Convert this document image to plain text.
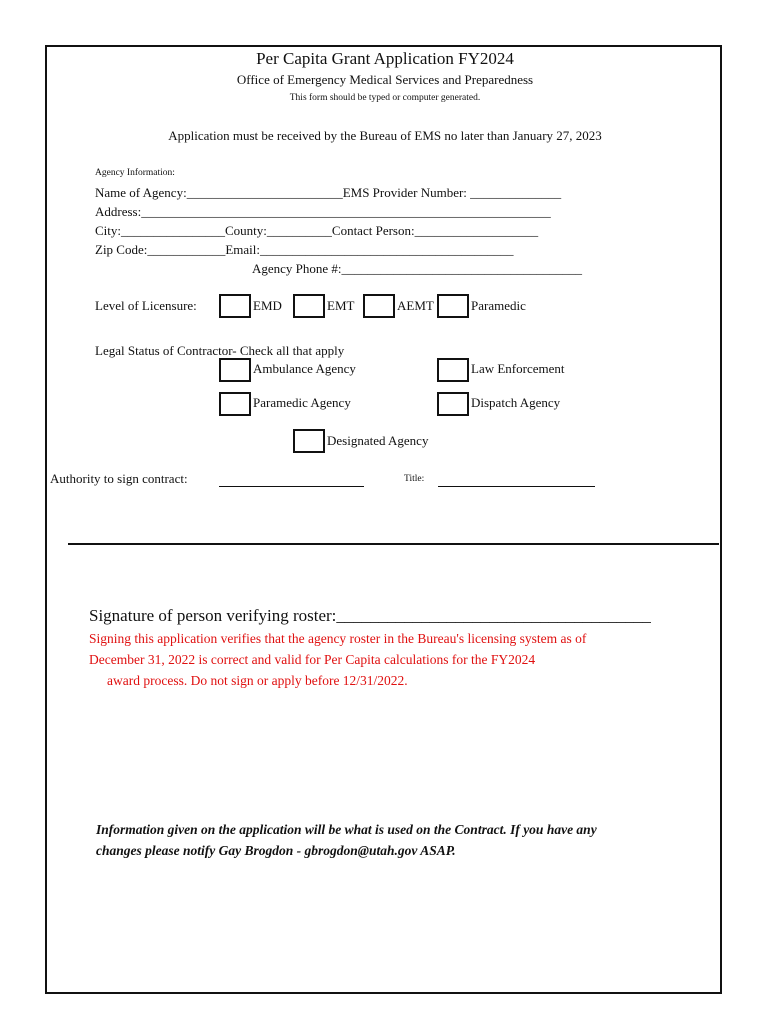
Per Capita Grant Application FY2024
Office of Emergency Medical Services and Preparedness
This form should be typed or computer generated.
Application must be received by the Bureau of EMS no later than January 27, 2023
Agency Information:
Name of Agency:________________________EMS Provider Number: ______________
Address:_______________________________________________________________
City:________________County:__________Contact Person:___________________
Zip Code:____________Email:_______________________________________
Agency Phone #:_____________________________________
Level of Licensure:	EMD	EMT	AEMT	Paramedic
Legal Status of Contractor- Check all that apply
Ambulance Agency	Law Enforcement
Paramedic Agency	Dispatch Agency
Designated Agency
Authority to sign contract:	Title:
Signature of person verifying roster:_____________________________________
Signing this application verifies that the agency roster in the Bureau's licensing system as of
December 31, 2022 is correct and valid for Per Capita calculations for the FY2024
award process. Do not sign or apply before 12/31/2022.
Information given on the application will be what is used on the Contract. If you have any
changes please notify Gay Brogdon - gbrogdon@utah.gov ASAP.
